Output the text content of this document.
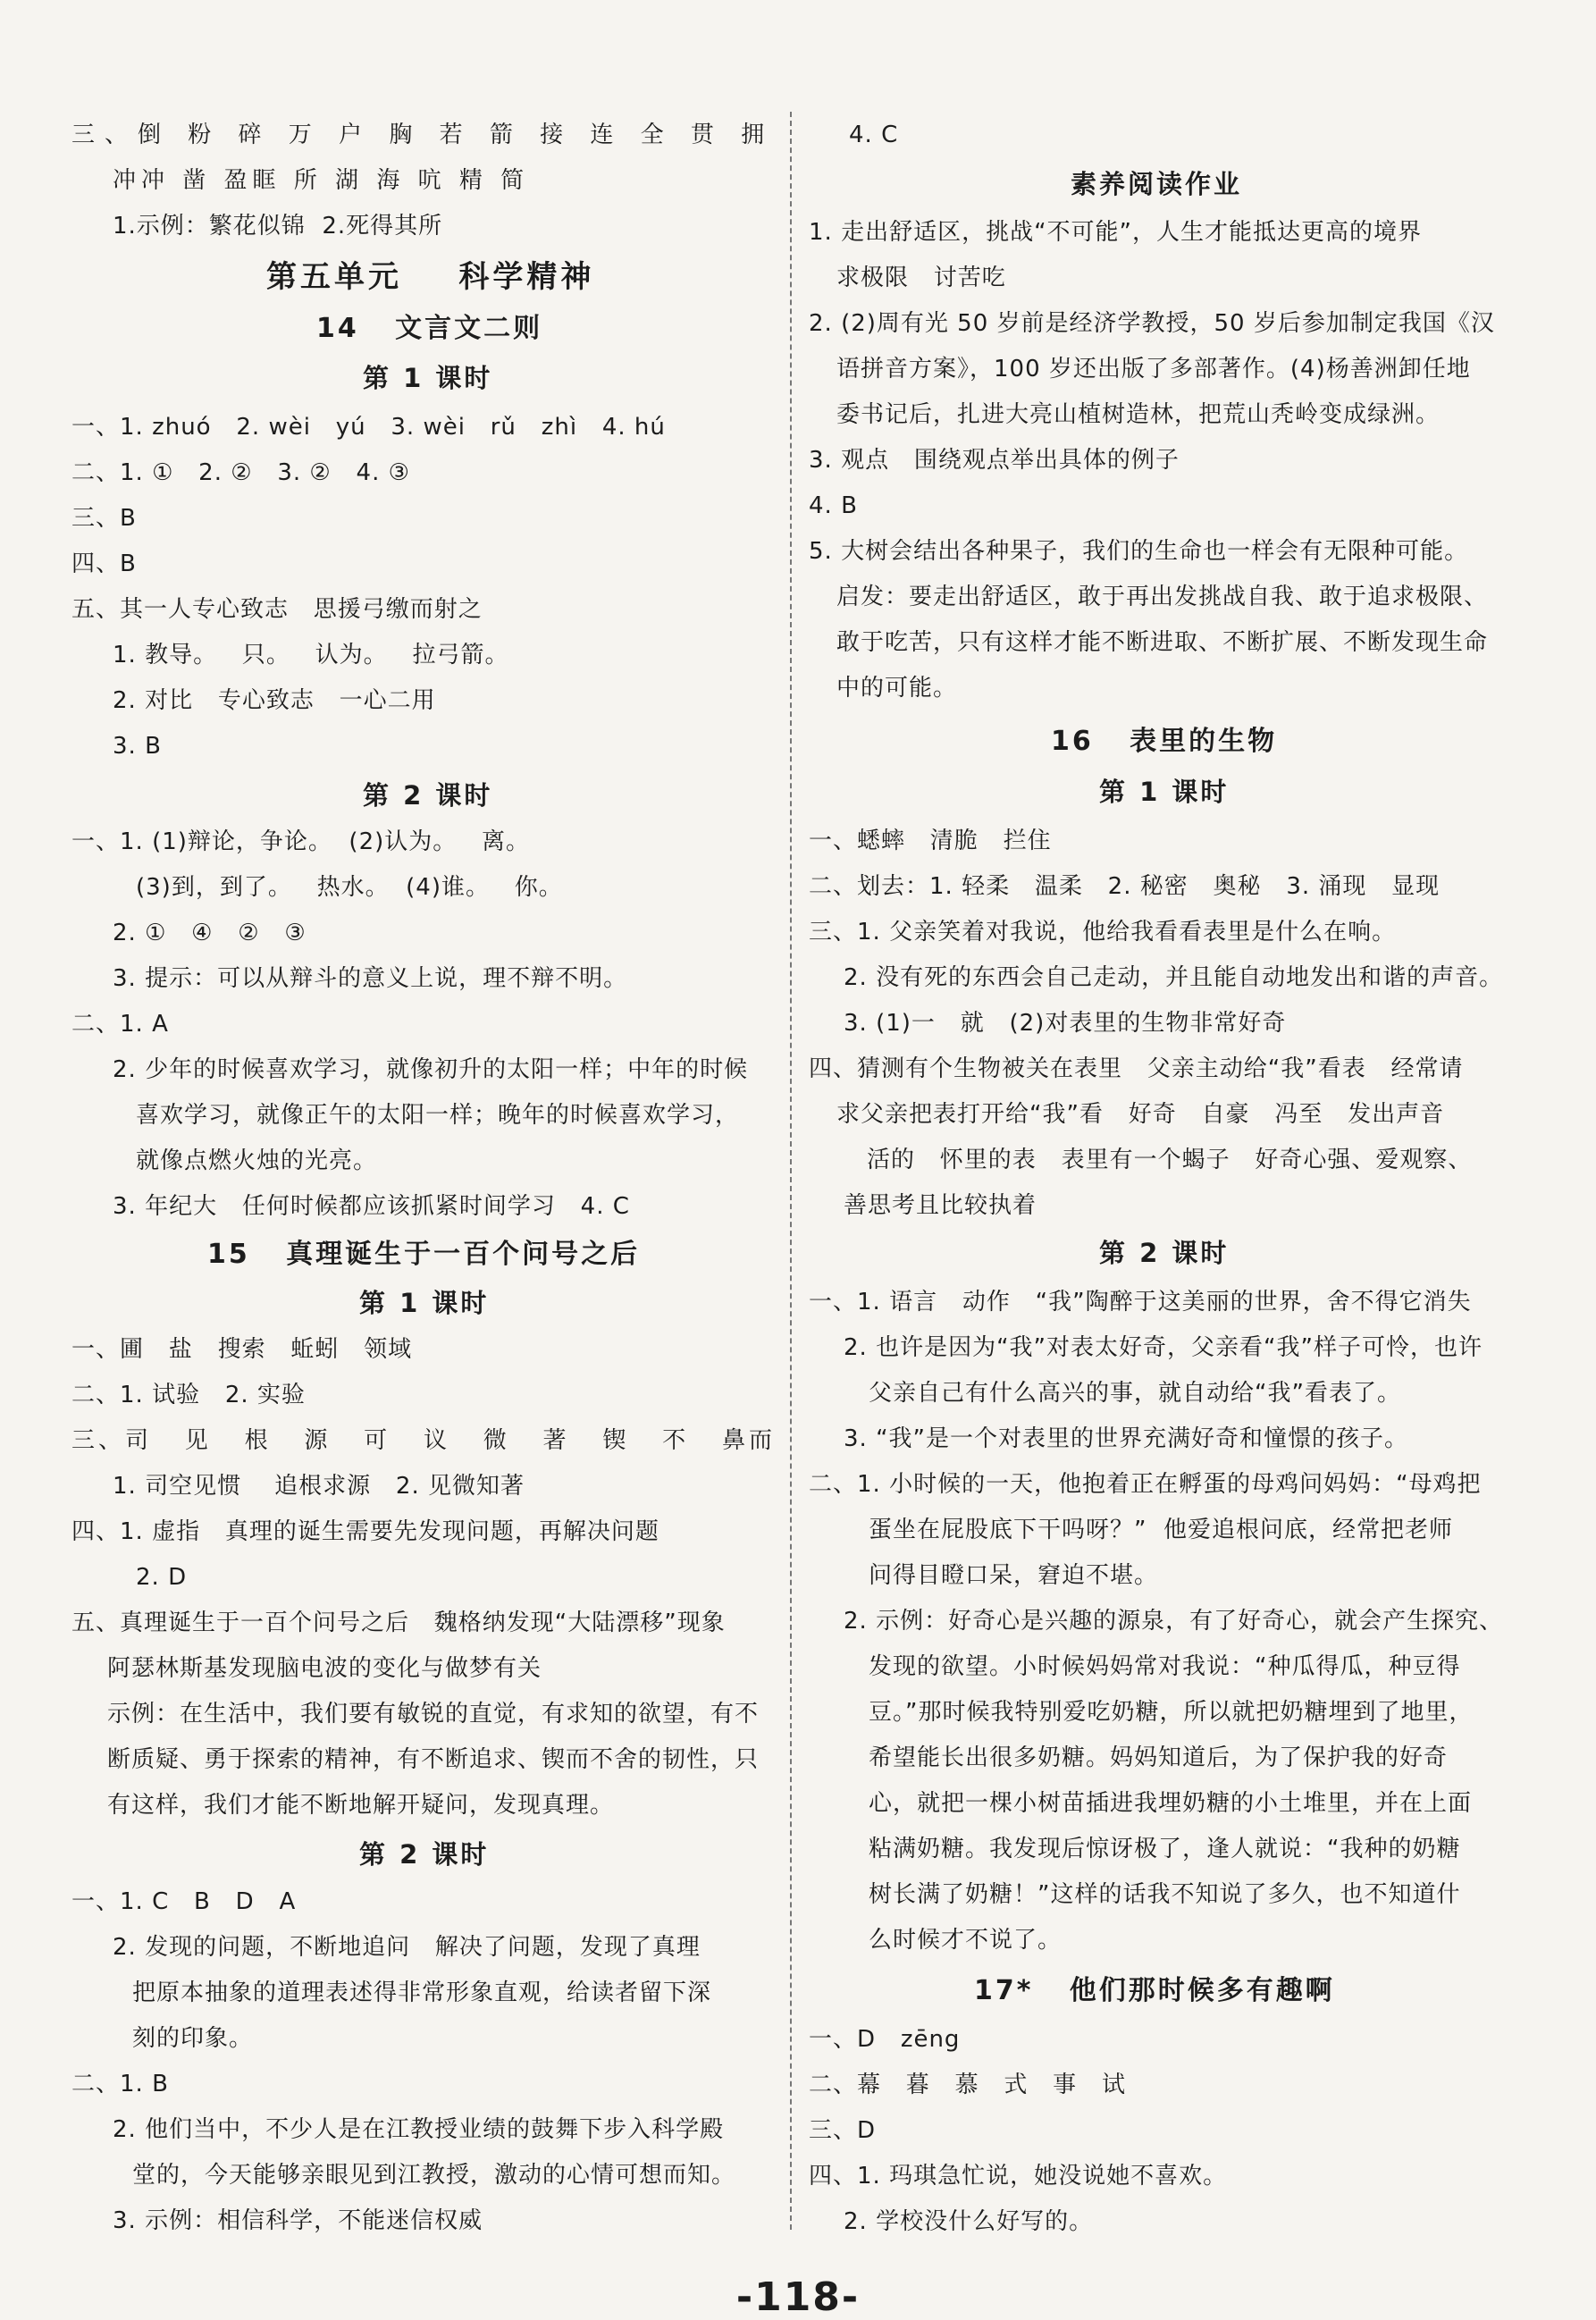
三、倒 粉 碎 万 户 胸 若 箭 接 连 全 贯 拥
冲冲 凿 盈眶 所 湖 海 吭 精 简
1.示例：繁花似锦  2.死得其所
第五单元    科学精神
14   文言文二则
第 1 课时
一、1. zhuó   2. wèi   yú   3. wèi   rǔ   zhì   4. hú
二、1. ①   2. ②   3. ②   4. ③
三、B
四、B
五、其一人专心致志   思援弓缴而射之
1. 教导。   只。   认为。   拉弓箭。
2. 对比   专心致志   一心二用
3. B
第 2 课时
一、1. (1)辩论，争论。  (2)认为。   离。
(3)到，到了。   热水。  (4)谁。   你。
2. ①   ④   ②   ③
3. 提示：可以从辩斗的意义上说，理不辩不明。
二、1. A
2. 少年的时候喜欢学习，就像初升的太阳一样；中年的时候
喜欢学习，就像正午的太阳一样；晚年的时候喜欢学习，
就像点燃火烛的光亮。
3. 年纪大   任何时候都应该抓紧时间学习   4. C
15   真理诞生于一百个问号之后
第 1 课时
一、圃   盐   搜索   蚯蚓   领域
二、1. 试验   2. 实验
三、司   见   根   源   可   议   微   著   锲   不   鼻而
1. 司空见惯    追根求源   2. 见微知著
四、1. 虚指   真理的诞生需要先发现问题，再解决问题
2. D
五、真理诞生于一百个问号之后   魏格纳发现“大陆漂移”现象
阿瑟林斯基发现脑电波的变化与做梦有关
示例：在生活中，我们要有敏锐的直觉，有求知的欲望，有不
断质疑、勇于探索的精神，有不断追求、锲而不舍的韧性，只
有这样，我们才能不断地解开疑问，发现真理。
第 2 课时
一、1. C   B   D   A
2. 发现的问题，不断地追问   解决了问题，发现了真理
把原本抽象的道理表述得非常形象直观，给读者留下深
刻的印象。
二、1. B
2. 他们当中，不少人是在江教授业绩的鼓舞下步入科学殿
堂的，今天能够亲眼见到江教授，激动的心情可想而知。
3. 示例：相信科学，不能迷信权威
4. C
素养阅读作业
1. 走出舒适区，挑战“不可能”，人生才能抵达更高的境界
求极限   讨苦吃
2. (2)周有光 50 岁前是经济学教授，50 岁后参加制定我国《汉
语拼音方案》，100 岁还出版了多部著作。(4)杨善洲卸任地
委书记后，扎进大亮山植树造林，把荒山秃岭变成绿洲。
3. 观点   围绕观点举出具体的例子
4. B
5. 大树会结出各种果子，我们的生命也一样会有无限种可能。
启发：要走出舒适区，敢于再出发挑战自我、敢于追求极限、
敢于吃苦，只有这样才能不断进取、不断扩展、不断发现生命
中的可能。
16   表里的生物
第 1 课时
一、蟋蟀   清脆   拦住
二、划去：1. 轻柔   温柔   2. 秘密   奥秘   3. 涌现   显现
三、1. 父亲笑着对我说，他给我看看表里是什么在响。
2. 没有死的东西会自己走动，并且能自动地发出和谐的声音。
3. (1)一   就   (2)对表里的生物非常好奇
四、猜测有个生物被关在表里   父亲主动给“我”看表   经常请
求父亲把表打开给“我”看   好奇   自豪   冯至   发出声音
活的   怀里的表   表里有一个蝎子   好奇心强、爱观察、
善思考且比较执着
第 2 课时
一、1. 语言   动作   “我”陶醉于这美丽的世界，舍不得它消失
2. 也许是因为“我”对表太好奇，父亲看“我”样子可怜，也许
父亲自己有什么高兴的事，就自动给“我”看表了。
3. “我”是一个对表里的世界充满好奇和憧憬的孩子。
二、1. 小时候的一天，他抱着正在孵蛋的母鸡问妈妈：“母鸡把
蛋坐在屁股底下干吗呀？”  他爱追根问底，经常把老师
问得目瞪口呆，窘迫不堪。
2. 示例：好奇心是兴趣的源泉，有了好奇心，就会产生探究、
发现的欲望。小时候妈妈常对我说：“种瓜得瓜，种豆得
豆。”那时候我特别爱吃奶糖，所以就把奶糖埋到了地里，
希望能长出很多奶糖。妈妈知道后，为了保护我的好奇
心，就把一棵小树苗插进我埋奶糖的小土堆里，并在上面
粘满奶糖。我发现后惊讶极了，逢人就说：“我种的奶糖
树长满了奶糖！”这样的话我不知说了多久，也不知道什
么时候才不说了。
17*   他们那时候多有趣啊
一、D   zēng
二、幕   暮   慕   式   事   试
三、D
四、1. 玛琪急忙说，她没说她不喜欢。
2. 学校没什么好写的。
-118-
